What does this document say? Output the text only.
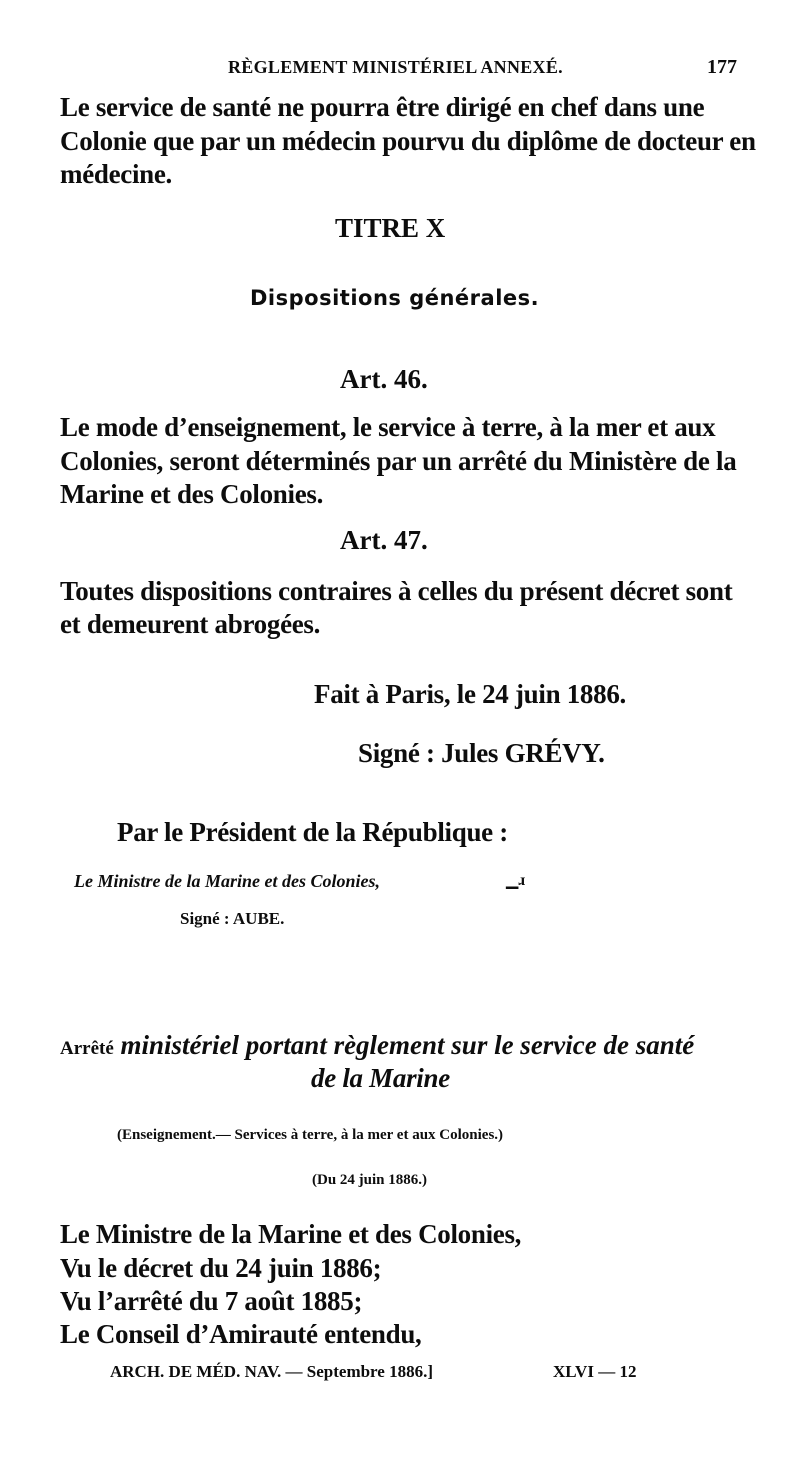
RÈGLEMENT MINISTÉRIEL ANNEXÉ.	177
Le service de santé ne pourra être dirigé en chef dans une
Colonie que par un médecin pourvu du diplôme de docteur en
médecine.
TITRE X
Dispositions générales.
Art. 46.
Le mode d’enseignement, le service à terre, à la mer et aux
Colonies, seront déterminés par un arrêté du Ministère de la
Marine et des Colonies.
Art. 47.
Toutes dispositions contraires à celles du présent décret sont
et demeurent abrogées.
Fait à Paris, le 24 juin 1886.
Signé : Jules GRÉVY.
Par le Président de la République :
Le Ministre de la Marine et des Colonies,	▁ɹ
Signé : AUBE.
Arrêté ministériel portant règlement sur le service de santé
de la Marine
(Enseignement.— Services à terre, à la mer et aux Colonies.)
(Du 24 juin 1886.)
Le Ministre de la Marine et des Colonies,
Vu le décret du 24 juin 1886;
Vu l’arrêté du 7 août 1885;
Le Conseil d’Amirauté entendu,
ARCH. DE MÉD. NAV. — Septembre 1886.]	XLVI — 12
